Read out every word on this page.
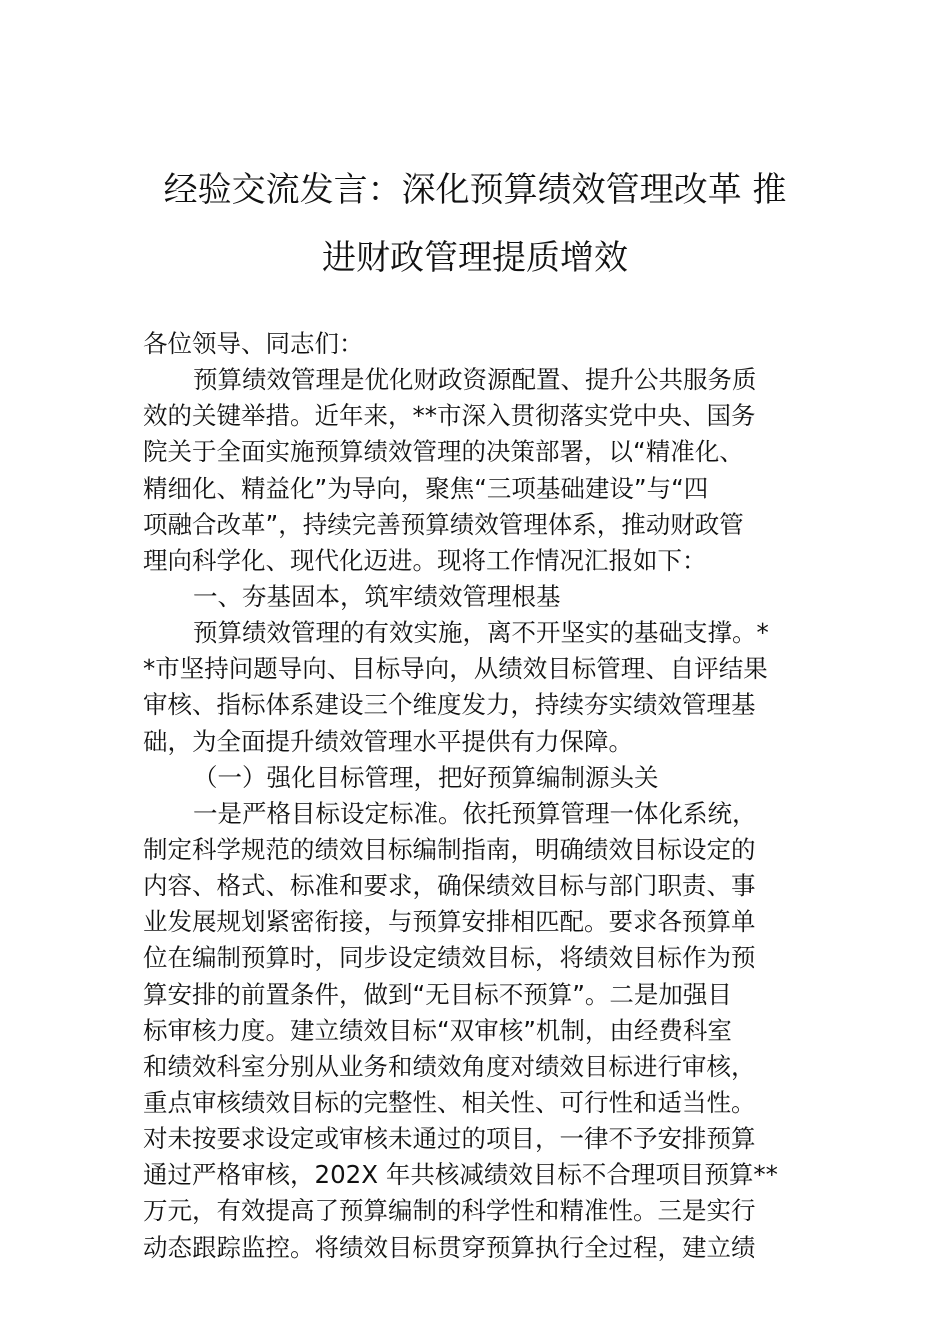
经验交流发言：深化预算绩效管理改革 推
进财政管理提质增效
各位领导、同志们：
预算绩效管理是优化财政资源配置、提升公共服务质
效的关键举措。近年来，**市深入贯彻落实党中央、国务
院关于全面实施预算绩效管理的决策部署，以“精准化、
精细化、精益化”为导向，聚焦“三项基础建设”与“四
项融合改革”，持续完善预算绩效管理体系，推动财政管
理向科学化、现代化迈进。现将工作情况汇报如下：
一、夯基固本，筑牢绩效管理根基
预算绩效管理的有效实施，离不开坚实的基础支撑。*
*市坚持问题导向、目标导向，从绩效目标管理、自评结果
审核、指标体系建设三个维度发力，持续夯实绩效管理基
础，为全面提升绩效管理水平提供有力保障。
（一）强化目标管理，把好预算编制源头关
一是严格目标设定标准。依托预算管理一体化系统，
制定科学规范的绩效目标编制指南，明确绩效目标设定的
内容、格式、标准和要求，确保绩效目标与部门职责、事
业发展规划紧密衔接，与预算安排相匹配。要求各预算单
位在编制预算时，同步设定绩效目标，将绩效目标作为预
算安排的前置条件，做到“无目标不预算”。二是加强目
标审核力度。建立绩效目标“双审核”机制，由经费科室
和绩效科室分别从业务和绩效角度对绩效目标进行审核，
重点审核绩效目标的完整性、相关性、可行性和适当性。
对未按要求设定或审核未通过的项目，一律不予安排预算
通过严格审核，202X 年共核减绩效目标不合理项目预算**
万元，有效提高了预算编制的科学性和精准性。三是实行
动态跟踪监控。将绩效目标贯穿预算执行全过程，建立绩
